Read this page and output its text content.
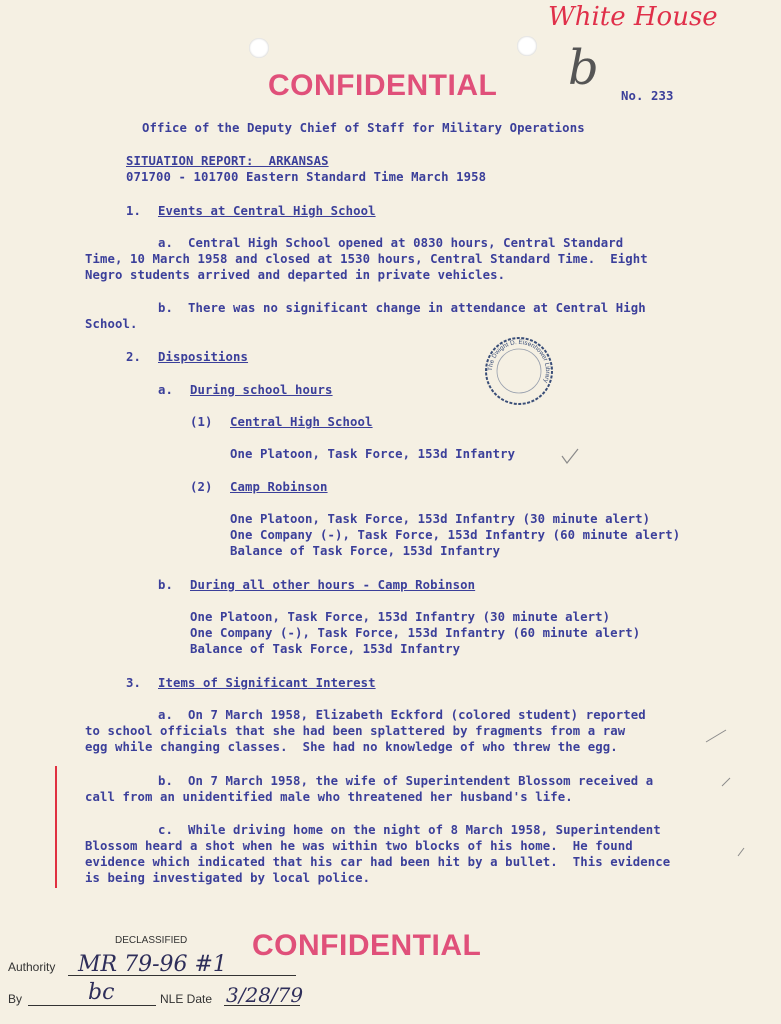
White House
b
CONFIDENTIAL	No. 233
Office of the Deputy Chief of Staff for Military Operations
SITUATION REPORT:  ARKANSAS
071700 - 101700 Eastern Standard Time March 1958
1. Events at Central High School
a.  Central High School opened at 0830 hours, Central Standard
Time, 10 March 1958 and closed at 1530 hours, Central Standard Time.  Eight
Negro students arrived and departed in private vehicles.
b.  There was no significant change in attendance at Central High
School.
2. Dispositions
The Dwight D. Eisenhower Library
a. During school hours
(1) Central High School
One Platoon, Task Force, 153d Infantry
(2) Camp Robinson
One Platoon, Task Force, 153d Infantry (30 minute alert)
One Company (-), Task Force, 153d Infantry (60 minute alert)
Balance of Task Force, 153d Infantry
b. During all other hours - Camp Robinson
One Platoon, Task Force, 153d Infantry (30 minute alert)
One Company (-), Task Force, 153d Infantry (60 minute alert)
Balance of Task Force, 153d Infantry
3. Items of Significant Interest
a.  On 7 March 1958, Elizabeth Eckford (colored student) reported
to school officials that she had been splattered by fragments from a raw
egg while changing classes.  She had no knowledge of who threw the egg.
b.  On 7 March 1958, the wife of Superintendent Blossom received a
call from an unidentified male who threatened her husband's life.
c.  While driving home on the night of 8 March 1958, Superintendent
Blossom heard a shot when he was within two blocks of his home.  He found
evidence which indicated that his car had been hit by a bullet.  This evidence
is being investigated by local police.
DECLASSIFIED CONFIDENTIAL
Authority MR 79-96 #1
By	bc	NLE Date 3/28/79
